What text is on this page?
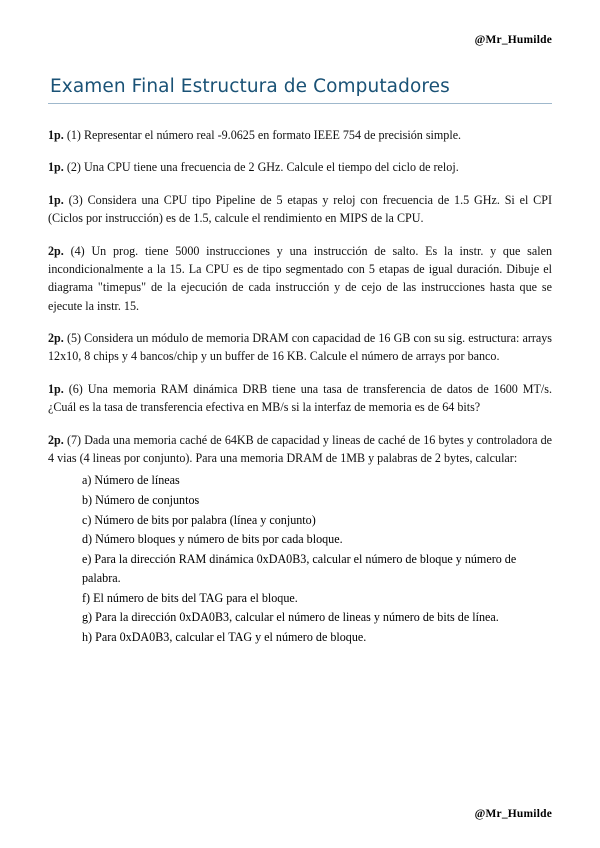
@Mr_Humilde
Examen Final Estructura de Computadores

1p. (1) Representar el número real -9.0625 en formato IEEE 754 de precisión simple.

1p. (2) Una CPU tiene una frecuencia de 2 GHz. Calcule el tiempo del ciclo de reloj.

1p. (3) Considera una CPU tipo Pipeline de 5 etapas y reloj con frecuencia de 1.5 GHz. Si el CPI (Ciclos por instrucción) es de 1.5, calcule el rendimiento en MIPS de la CPU.

2p. (4) Un prog. tiene 5000 instrucciones y una instrucción de salto. Es la instr. y que salen incondicionalmente a la 15. La CPU es de tipo segmentado con 5 etapas de igual duración. Dibuje el diagrama "timepus" de la ejecución de cada instrucción y de cejo de las instrucciones hasta que se ejecute la instr. 15.

2p. (5) Considera un módulo de memoria DRAM con capacidad de 16 GB con su sig. estructura: arrays 12x10, 8 chips y 4 bancos/chip y un buffer de 16 KB. Calcule el número de arrays por banco.

1p. (6) Una memoria RAM dinámica DRB tiene una tasa de transferencia de datos de 1600 MT/s. ¿Cuál es la tasa de transferencia efectiva en MB/s si la interfaz de memoria es de 64 bits?

2p. (7) Dada una memoria caché de 64KB de capacidad y lineas de caché de 16 bytes y controladora de 4 vias (4 lineas por conjunto). Para una memoria DRAM de 1MB y palabras de 2 bytes, calcular:

a) Número de líneas
b) Número de conjuntos
c) Número de bits por palabra (línea y conjunto)
d) Número bloques y número de bits por cada bloque.
e) Para la dirección RAM dinámica 0xDA0B3, calcular el número de bloque y número de palabra.
f) El número de bits del TAG para el bloque.
g) Para la dirección 0xDA0B3, calcular el número de lineas y número de bits de línea.
h) Para 0xDA0B3, calcular el TAG y el número de bloque.
@Mr_Humilde
